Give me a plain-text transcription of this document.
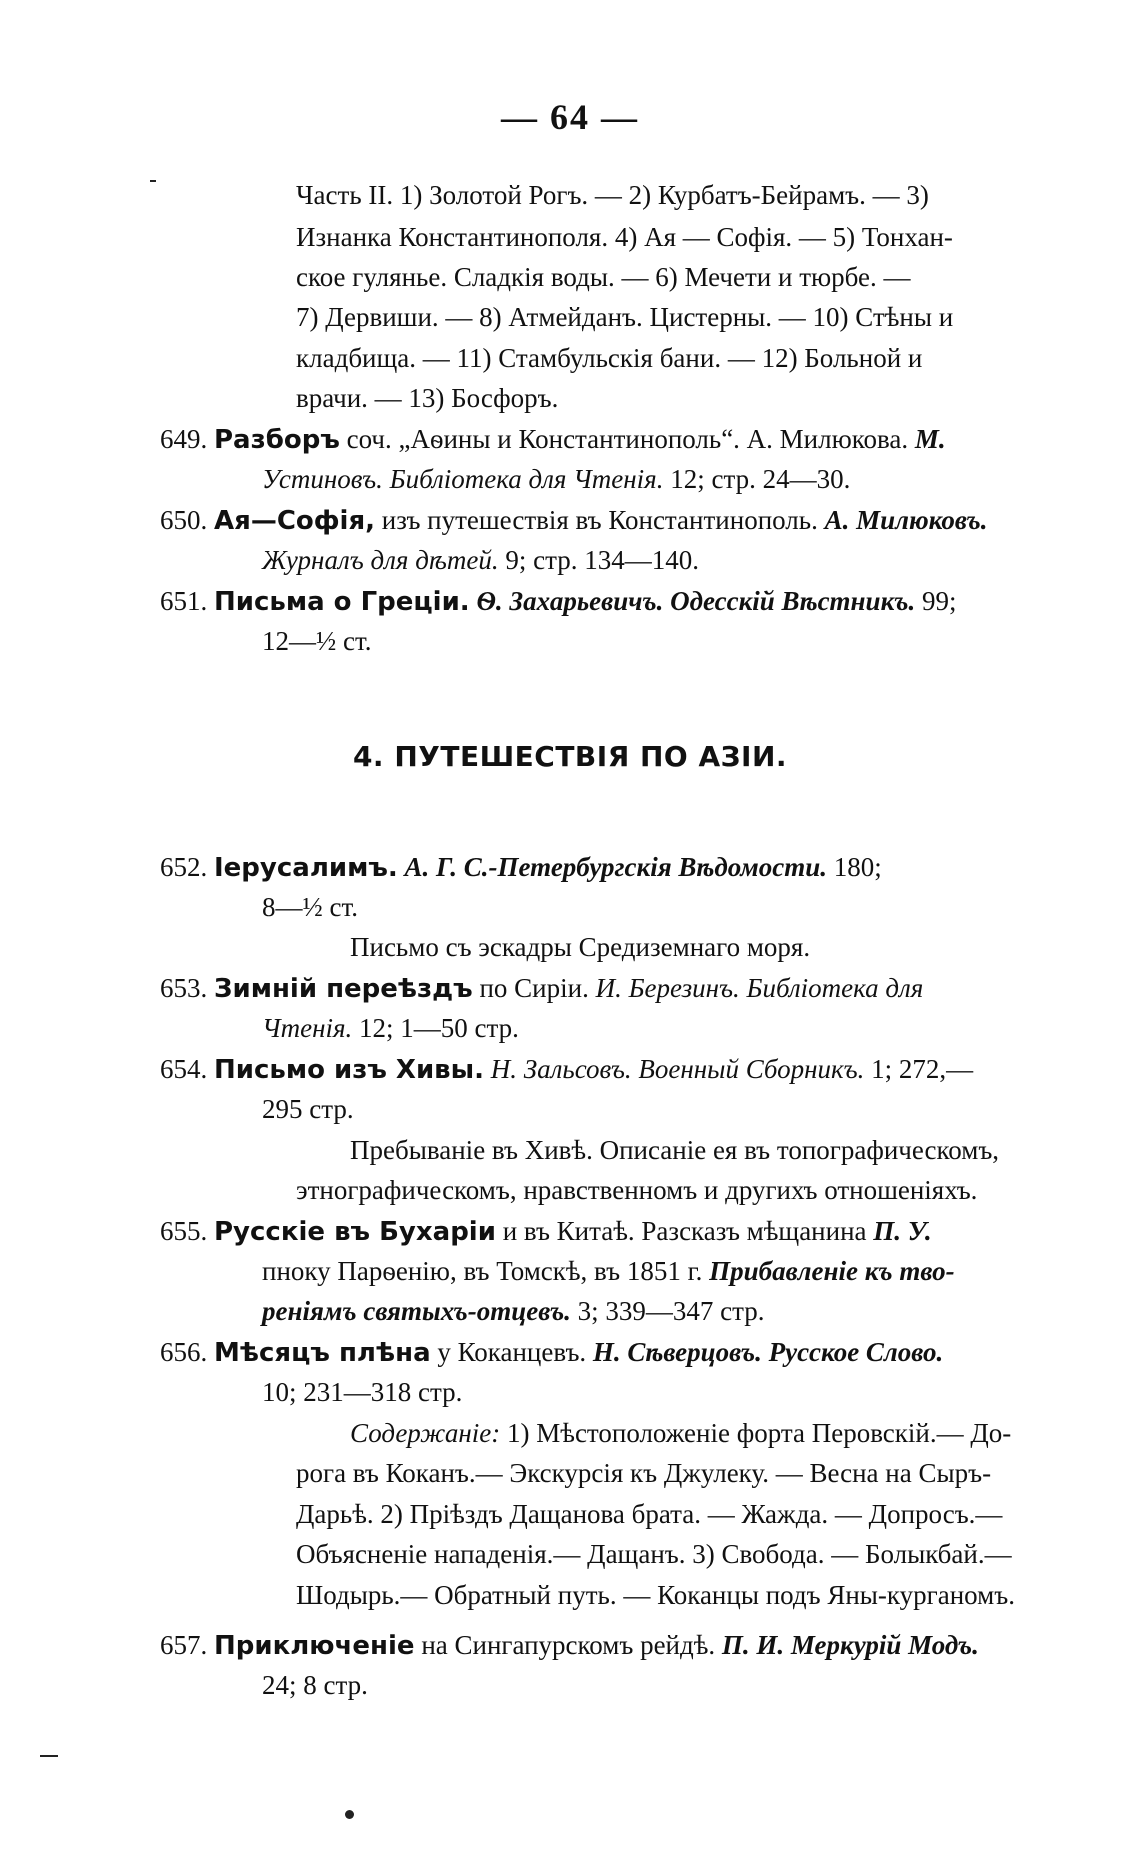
— 64 —
Часть II. 1) Золотой Рогъ. — 2) Курбатъ-Бейрамъ. — 3)
Изнанка Константинополя. 4) Ая — Софія. — 5) Тонхан-
ское гулянье. Сладкія воды. — 6) Мечети и тюрбе. —
7) Дервиши. — 8) Атмейданъ. Цистерны. — 10) Стѣны и
кладбища. — 11) Стамбульскія бани. — 12) Больной и
врачи. — 13) Босфоръ.
649. Разборъ соч. „Аѳины и Константинополь“. А. Милюкова. М.
Устиновъ. Библіотека для Чтенія. 12; стр. 24—30.
650. Ая—Софія, изъ путешествія въ Константинополь. А. Милюковъ.
Журналъ для дѣтей. 9; стр. 134—140.
651. Письма о Греціи. Ѳ. Захарьевичъ. Одесскій Вѣстникъ. 99;
12—½ ст.
4. ПУТЕШЕСТВІЯ ПО АЗІИ.
652. Іерусалимъ. А. Г. С.-Петербургскія Вѣдомости. 180;
8—½ ст.
Письмо съ эскадры Средиземнаго моря.
653. Зимній переѣздъ по Сиріи. И. Березинъ. Библіотека для
Чтенія. 12; 1—50 стр.
654. Письмо изъ Хивы. Н. Зальсовъ. Военный Сборникъ. 1; 272,—
295 стр.
Пребываніе въ Хивѣ. Описаніе ея въ топографическомъ,
этнографическомъ, нравственномъ и другихъ отношеніяхъ.
655. Русскіе въ Бухаріи и въ Китаѣ. Разсказъ мѣщанина П. У.
пноку Парѳенію, въ Томскѣ, въ 1851 г. Прибавленіе къ тво-
реніямъ святыхъ-отцевъ. 3; 339—347 стр.
656. Мѣсяцъ плѣна у Коканцевъ. Н. Сѣверцовъ. Русское Слово.
10; 231—318 стр.
Содержаніе: 1) Мѣстоположеніе форта Перовскій.— До-
рога въ Коканъ.— Экскурсія къ Джулеку. — Весна на Сыръ-
Дарьѣ. 2) Пріѣздъ Дащанова брата. — Жажда. — Допросъ.—
Объясненіе нападенія.— Дащанъ. 3) Свобода. — Болыкбай.—
Шодырь.— Обратный путь. — Коканцы подъ Яны-курганомъ.
657. Приключеніе на Сингапурскомъ рейдѣ. П. И. Меркурій Модъ.
24; 8 стр.
